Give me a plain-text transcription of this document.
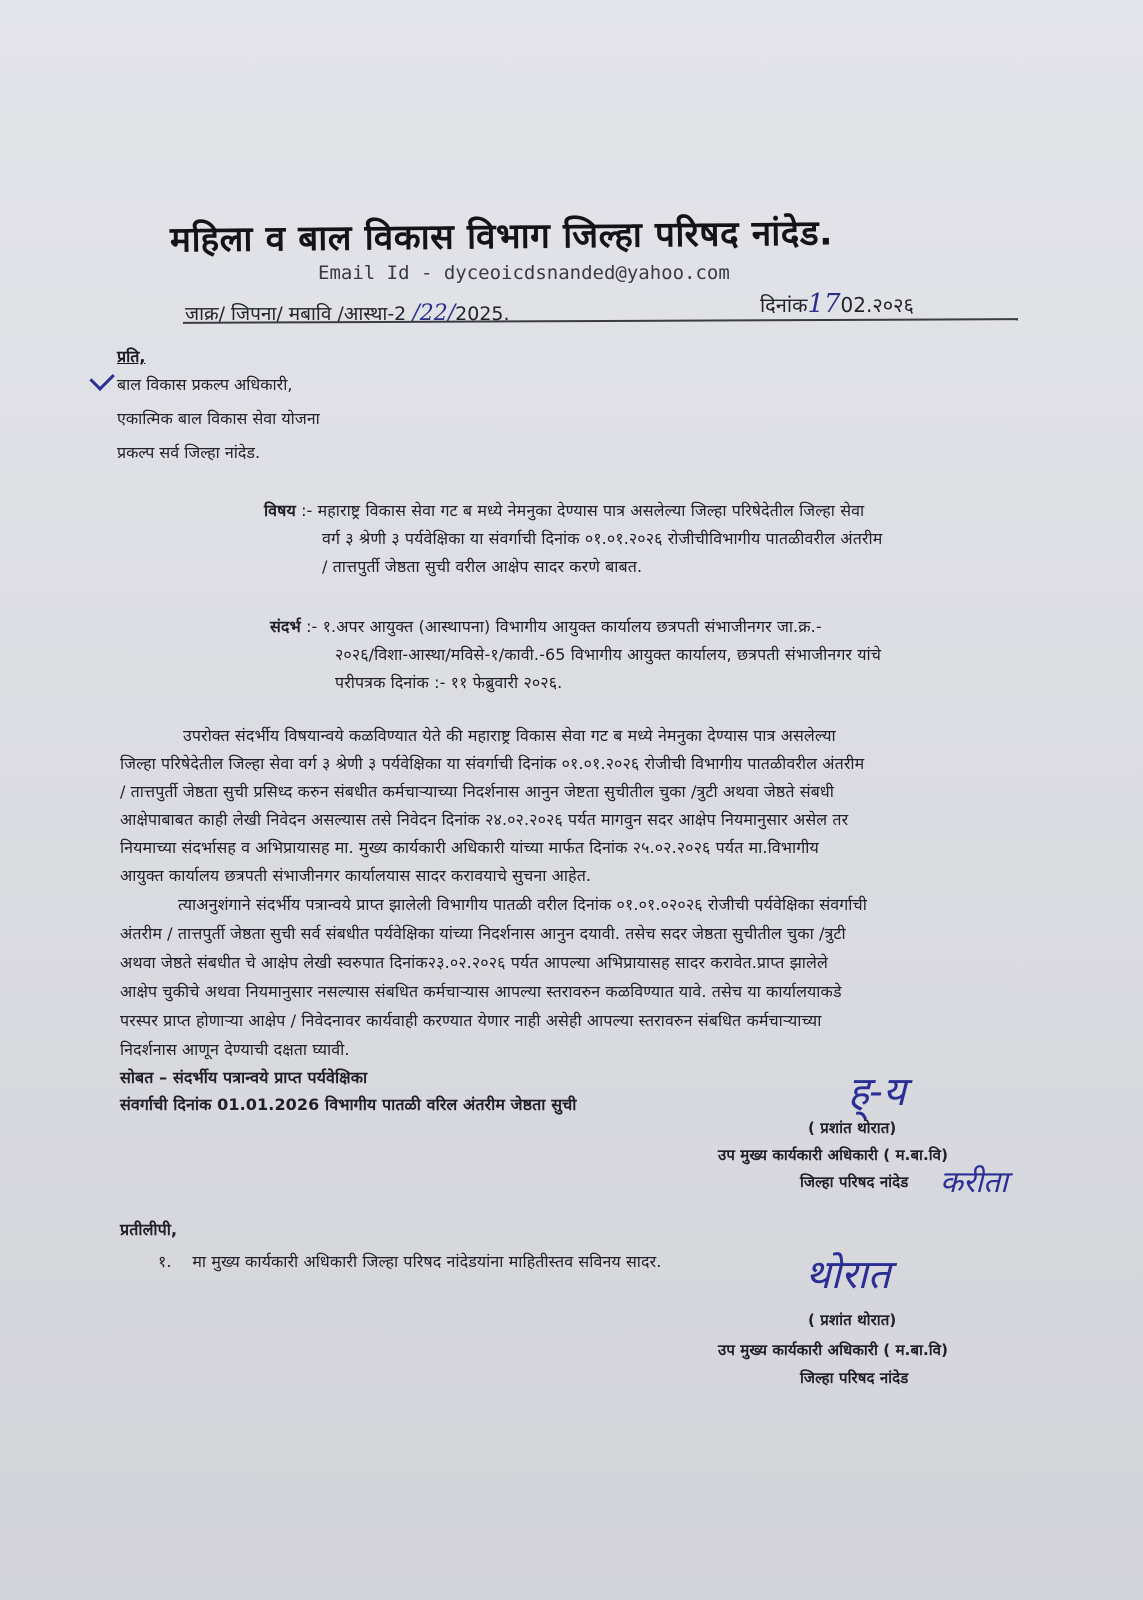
महिला व बाल विकास विभाग जिल्हा परिषद नांदेड.
Email Id - dyceoicdsnanded@yahoo.com
जाक्र/ जिपना/ मबावि /आस्था-2 /22/2025.	दिनांक1702.२०२६
प्रति,
बाल विकास प्रकल्प अधिकारी,
एकात्मिक बाल विकास सेवा योजना
प्रकल्प सर्व जिल्हा नांदेड.
विषय :- महाराष्ट्र विकास सेवा गट ब मध्ये नेमनुका देण्यास पात्र असलेल्या जिल्हा परिषेदेतील जिल्हा सेवा
वर्ग ३ श्रेणी ३ पर्यवेक्षिका या संवर्गाची दिनांक ०१.०१.२०२६ रोजीचीविभागीय पातळीवरील अंतरीम
/ तात्तपुर्ती जेष्ठता सुची वरील आक्षेप सादर करणे बाबत.
संदर्भ :- १.अपर आयुक्त (आस्थापना) विभागीय आयुक्त कार्यालय छत्रपती संभाजीनगर जा.क्र.-
२०२६/विशा-आस्था/मविसे-१/कावी.-65 विभागीय आयुक्त कार्यालय, छत्रपती संभाजीनगर यांचे
परीपत्रक दिनांक :- ११ फेब्रुवारी २०२६.
उपरोक्त संदर्भीय विषयान्वये कळविण्यात येते की महाराष्ट्र विकास सेवा गट ब मध्ये नेमनुका देण्यास पात्र असलेल्या
जिल्हा परिषेदेतील जिल्हा सेवा वर्ग ३ श्रेणी ३ पर्यवेक्षिका या संवर्गाची दिनांक ०१.०१.२०२६ रोजीची विभागीय पातळीवरील अंतरीम
/ तात्तपुर्ती जेष्ठता सुची प्रसिध्द करुन संबधीत कर्मचाऱ्याच्या निदर्शनास आनुन जेष्टता सुचीतील चुका /त्रुटी अथवा जेष्ठते संबधी
आक्षेपाबाबत काही लेखी निवेदन असल्यास तसे निवेदन दिनांक २४.०२.२०२६ पर्यत मागवुन सदर आक्षेप नियमानुसार असेल तर
नियमाच्या संदर्भासह व अभिप्रायासह मा. मुख्य कार्यकारी अधिकारी यांच्या मार्फत दिनांक २५.०२.२०२६ पर्यत मा.विभागीय
आयुक्त कार्यालय छत्रपती संभाजीनगर कार्यालयास सादर करावयाचे सुचना आहेत.
त्याअनुशंगाने संदर्भीय पत्रान्वये प्राप्त झालेली विभागीय पातळी वरील दिनांक ०१.०१.०२०२६ रोजीची पर्यवेक्षिका संवर्गाची
अंतरीम / तात्तपुर्ती जेष्ठता सुची सर्व संबधीत पर्यवेक्षिका यांच्या निदर्शनास आनुन दयावी. तसेच सदर जेष्ठता सुचीतील चुका /त्रुटी
अथवा जेष्ठते संबधीत चे आक्षेप लेखी स्वरुपात दिनांक२३.०२.२०२६ पर्यत आपल्या अभिप्रायासह सादर करावेत.प्राप्त झालेले
आक्षेप चुकीचे अथवा नियमानुसार नसल्यास संबधित कर्मचाऱ्यास आपल्या स्तरावरुन कळविण्यात यावे. तसेच या कार्यालयाकडे
परस्पर प्राप्त होणाऱ्या आक्षेप / निवेदनावर कार्यवाही करण्यात येणार नाही असेही आपल्या स्तरावरुन संबधित कर्मचाऱ्याच्या
निदर्शनास आणून देण्याची दक्षता घ्यावी.
सोबत – संदर्भीय पत्रान्वये प्राप्त पर्यवेक्षिका
संवर्गाची दिनांक 01.01.2026 विभागीय पातळी वरिल अंतरीम जेष्ठता सुची	ह्-य
( प्रशांत थोरात)
उप मुख्य कार्यकारी अधिकारी ( म.बा.वि)
जिल्हा परिषद नांदेड करीता
प्रतीलीपी,
१. मा मुख्य कार्यकारी अधिकारी जिल्हा परिषद नांदेडयांना माहितीस्तव सविनय सादर.	थोरात
( प्रशांत थोरात)
उप मुख्य कार्यकारी अधिकारी ( म.बा.वि)
जिल्हा परिषद नांदेड
